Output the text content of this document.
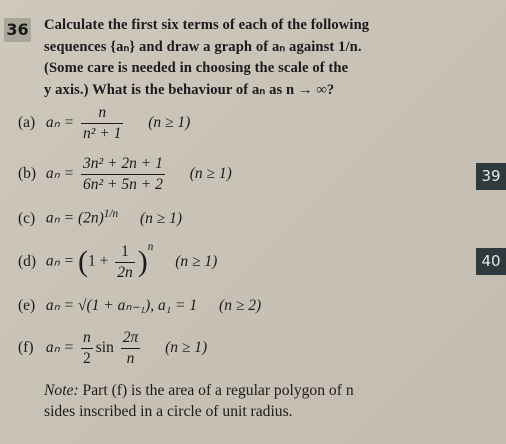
36 Calculate the first six terms of each of the following
sequences {aₙ} and draw a graph of aₙ against 1/n.
(Some care is needed in choosing the scale of the
y axis.) What is the behaviour of aₙ as n → ∞?
(a) $a_n = \frac{n}{\text{n² + 1}} (n \ge 1)$
(b) $a_n = \frac{\text{3n² + 2n + 1}}{\text{6n² + 5n + 2}} (n \ge 1)$	39
(c) $a_n = (2n)^{1/n}$ (n ≥ 1)
(d) $a_n = (1 + \frac{1}{2n} )^n$ (n ≥ 1)	40
(e) aₙ = √(1 + aₙ₋₁), a₁ = 1 (n ≥ 2)
(f) $a_n = \frac{n}{2}$ $\sin \frac{2\pi}{n} (n \ge 1)$
Note: Part (f) is the area of a regular polygon of n
sides inscribed in a circle of unit radius.
